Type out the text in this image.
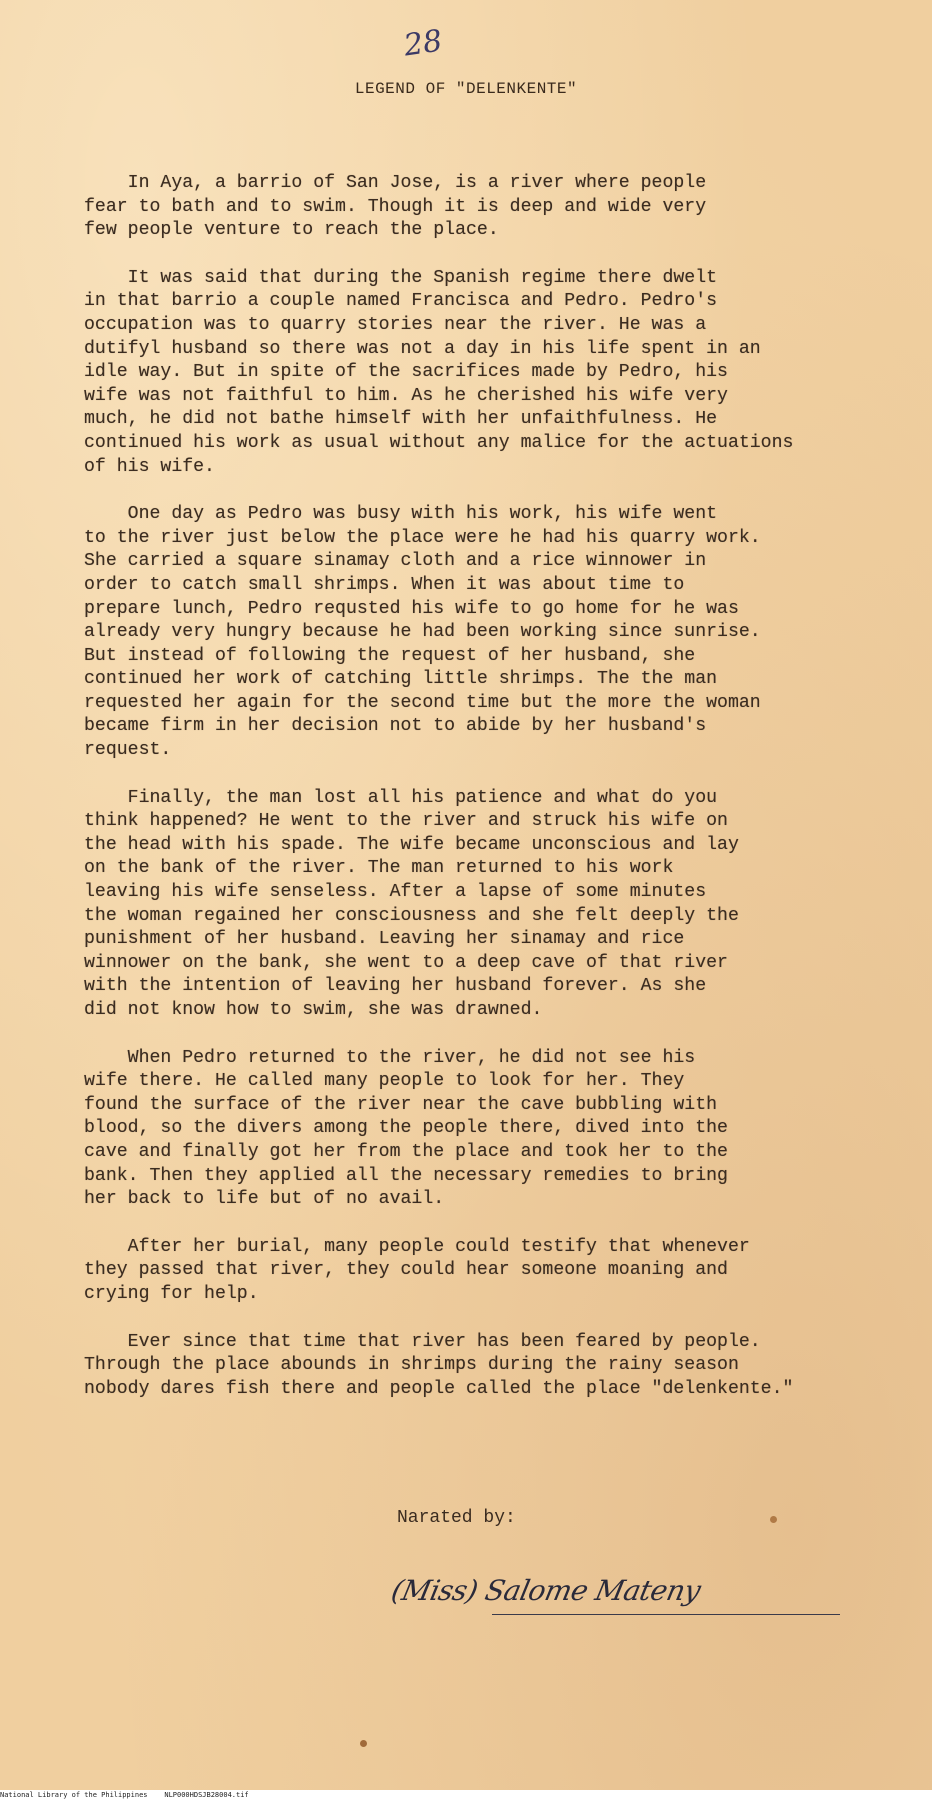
28
LEGEND OF "DELENKENTE"

In Aya, a barrio of San Jose, is a river where people
fear to bath and to swim. Though it is deep and wide very
few people venture to reach the place.

It was said that during the Spanish regime there dwelt
in that barrio a couple named Francisca and Pedro. Pedro's
occupation was to quarry stories near the river. He was a
dutifyl husband so there was not a day in his life spent in an
idle way. But in spite of the sacrifices made by Pedro, his
wife was not faithful to him. As he cherished his wife very
much, he did not bathe himself with her unfaithfulness. He
continued his work as usual without any malice for the actuations
of his wife.

One day as Pedro was busy with his work, his wife went
to the river just below the place were he had his quarry work.
She carried a square sinamay cloth and a rice winnower in
order to catch small shrimps. When it was about time to
prepare lunch, Pedro requsted his wife to go home for he was
already very hungry because he had been working since sunrise.
But instead of following the request of her husband, she
continued her work of catching little shrimps. The the man
requested her again for the second time but the more the woman
became firm in her decision not to abide by her husband's
request.

Finally, the man lost all his patience and what do you
think happened? He went to the river and struck his wife on
the head with his spade. The wife became unconscious and lay
on the bank of the river. The man returned to his work
leaving his wife senseless. After a lapse of some minutes
the woman regained her consciousness and she felt deeply the
punishment of her husband. Leaving her sinamay and rice
winnower on the bank, she went to a deep cave of that river
with the intention of leaving her husband forever. As she
did not know how to swim, she was drawned.

When Pedro returned to the river, he did not see his
wife there. He called many people to look for her. They
found the surface of the river near the cave bubbling with
blood, so the divers among the people there, dived into the
cave and finally got her from the place and took her to the
bank. Then they applied all the necessary remedies to bring
her back to life but of no avail.

After her burial, many people could testify that whenever
they passed that river, they could hear someone moaning and
crying for help.

Ever since that time that river has been feared by people.
Through the place abounds in shrimps during the rainy season
nobody dares fish there and people called the place "delenkente."

Narated by:
(Miss) Salome Mateny
National Library of the Philippines    NLP000HDSJB28004.tif
